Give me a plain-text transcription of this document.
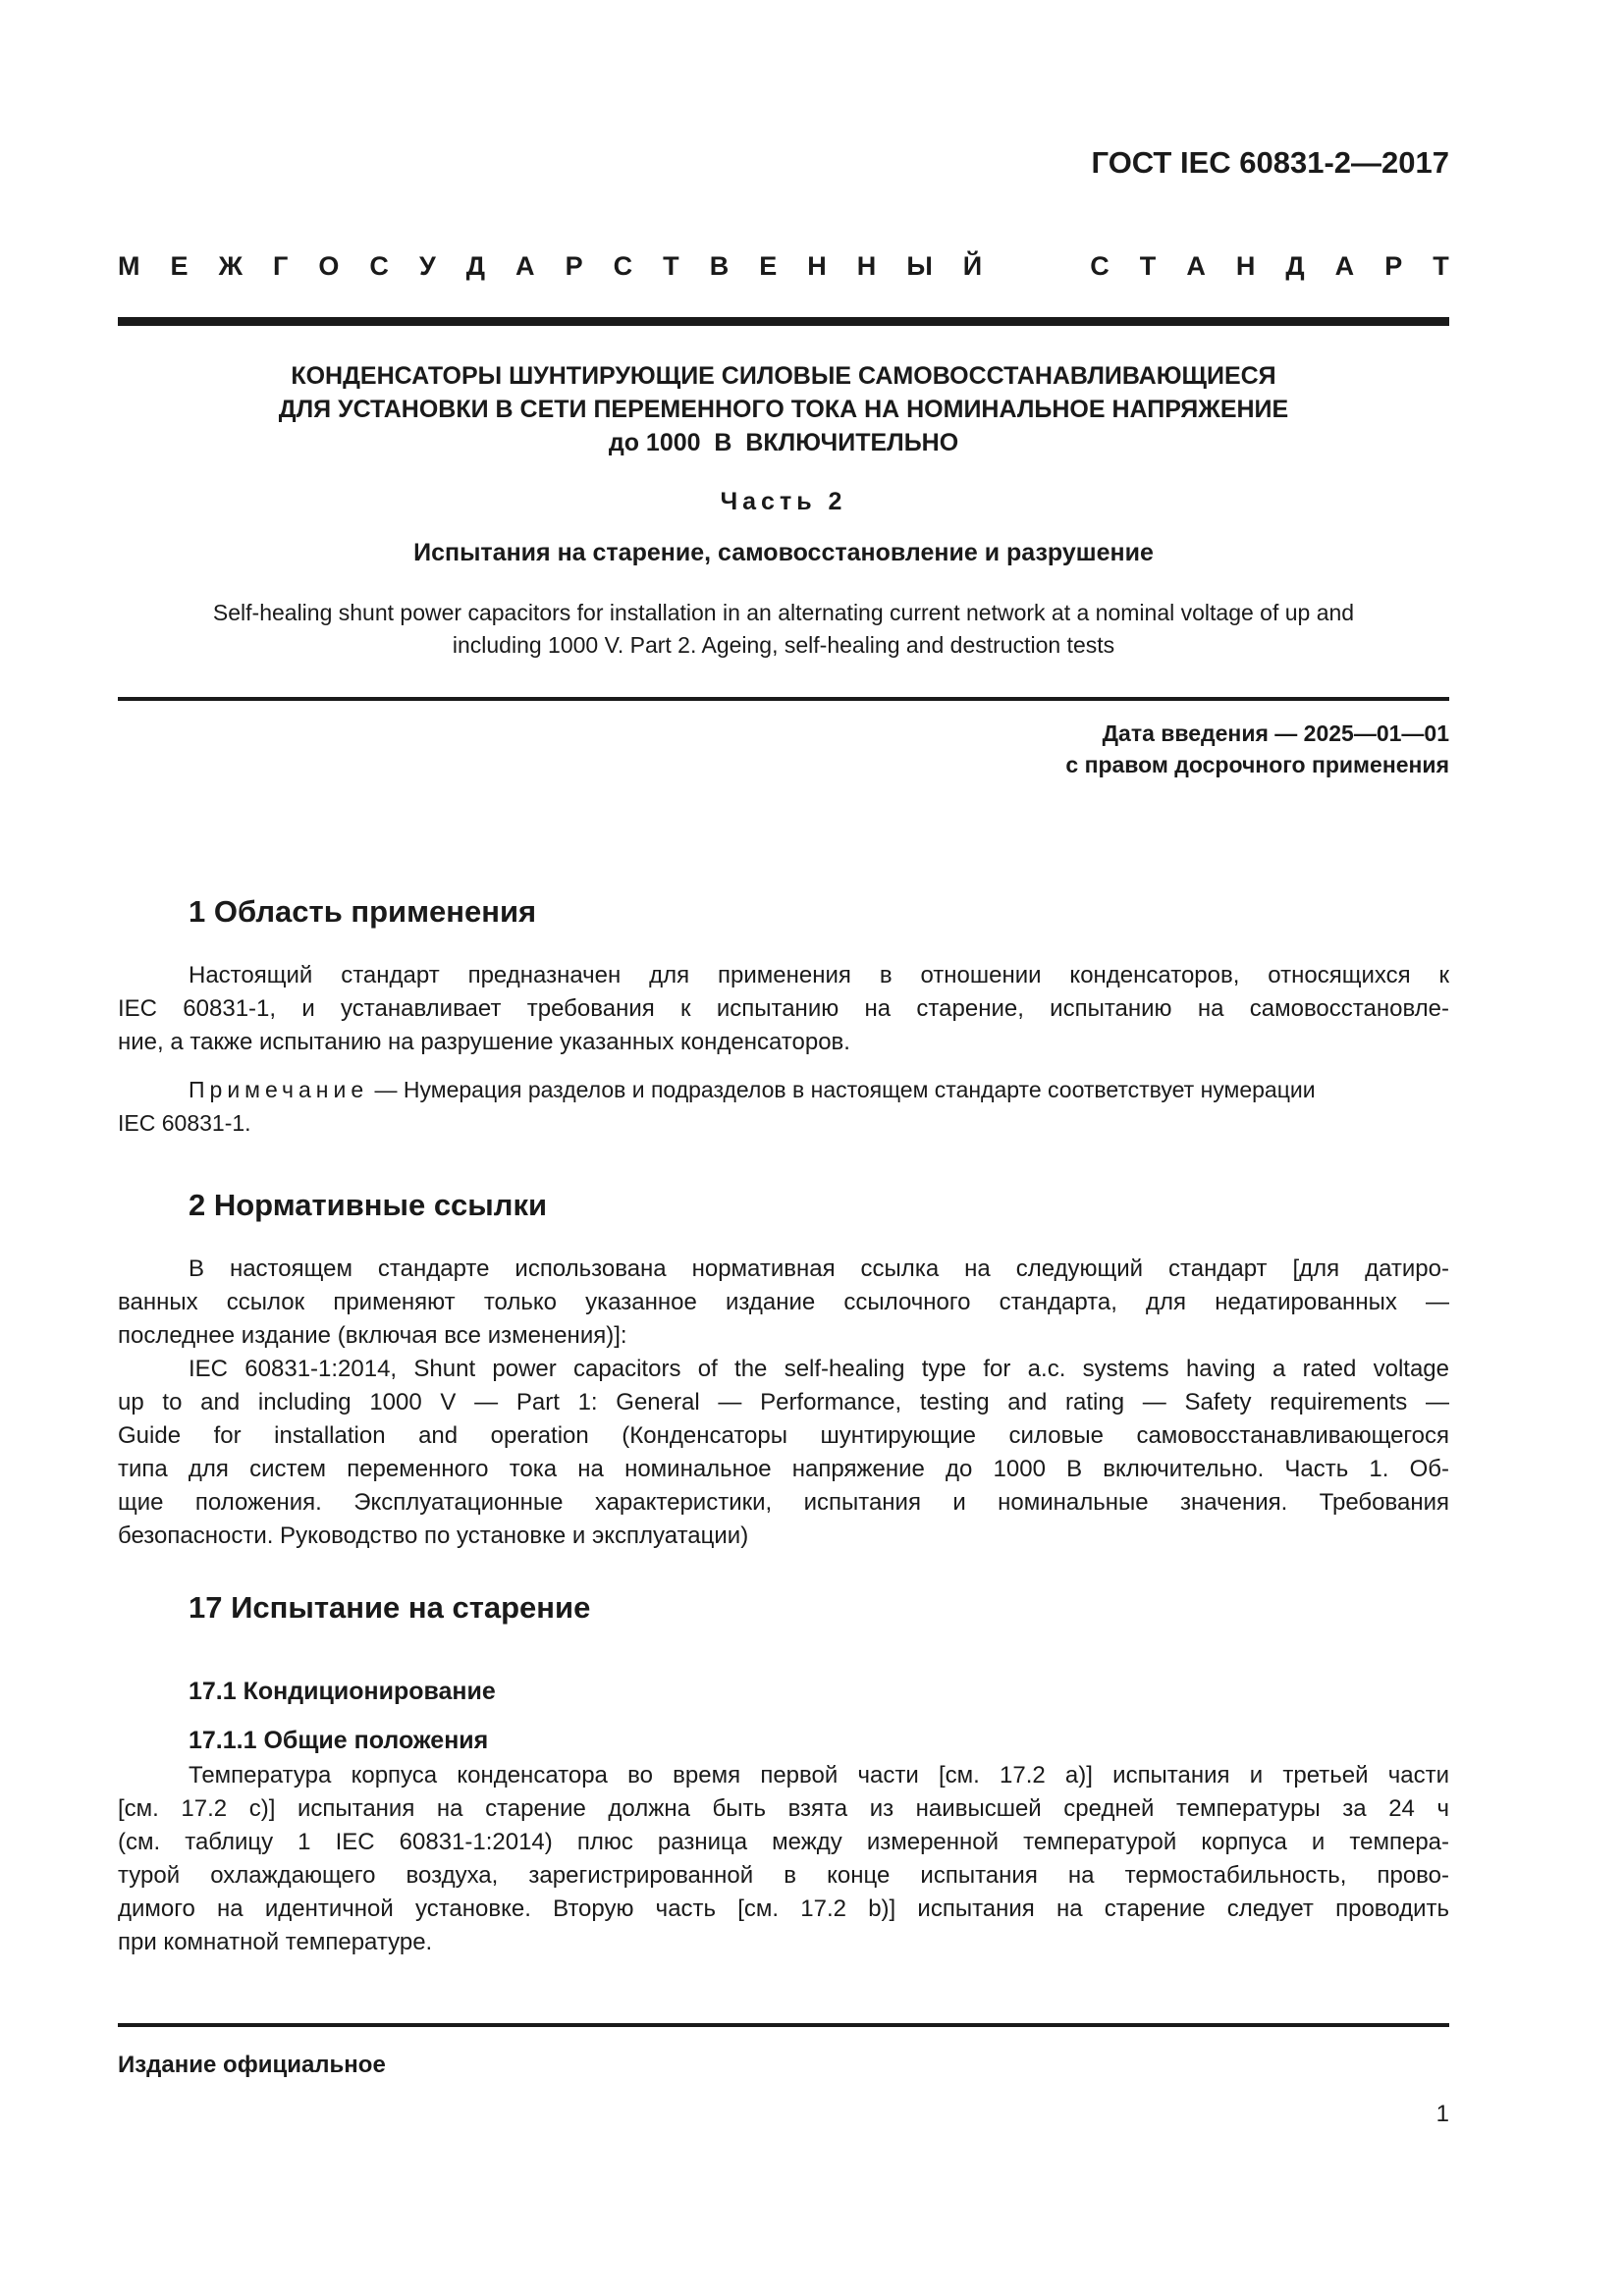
ГОСТ IEC 60831-2—2017
М Е Ж Г О С У Д А Р С Т В Е Н Н Ы Й	С Т А Н Д А Р Т
КОНДЕНСАТОРЫ ШУНТИРУЮЩИЕ СИЛОВЫЕ САМОВОССТАНАВЛИВАЮЩИЕСЯ
ДЛЯ УСТАНОВКИ В СЕТИ ПЕРЕМЕННОГО ТОКА НА НОМИНАЛЬНОЕ НАПРЯЖЕНИЕ
до 1000  В  ВКЛЮЧИТЕЛЬНО
Часть 2
Испытания на старение, самовосстановление и разрушение
Self-healing shunt power capacitors for installation in an alternating current network at a nominal voltage of up and
including 1000 V. Part 2. Ageing, self-healing and destruction tests
Дата введения — 2025—01—01
с правом досрочного применения
1 Область применения
Настоящий стандарт предназначен для применения в отношении конденсаторов, относящихся к
IEC 60831-1, и устанавливает требования к испытанию на старение, испытанию на самовосстановле-
ние, а также испытанию на разрушение указанных конденсаторов.
Примечание — Нумерация разделов и подразделов в настоящем стандарте соответствует нумерации
IEC 60831-1.
2 Нормативные ссылки
В настоящем стандарте использована нормативная ссылка на следующий стандарт [для датиро-
ванных ссылок применяют только указанное издание ссылочного стандарта, для недатированных —
последнее издание (включая все изменения)]:
IEC 60831-1:2014, Shunt power capacitors of the self-healing type for a.c. systems having a rated voltage
up to and including 1000 V — Part 1: General — Performance, testing and rating — Safety requirements —
Guide for installation and operation (Конденсаторы шунтирующие силовые самовосстанавливающегося
типа для систем переменного тока на номинальное напряжение до 1000 В включительно. Часть 1. Об-
щие положения. Эксплуатационные характеристики, испытания и номинальные значения. Требования
безопасности. Руководство по установке и эксплуатации)
17 Испытание на старение
17.1 Кондиционирование
17.1.1 Общие положения
Температура корпуса конденсатора во время первой части [см. 17.2 а)] испытания и третьей части
[см. 17.2 c)] испытания на старение должна быть взята из наивысшей средней температуры за 24 ч
(см. таблицу 1 IEC 60831-1:2014) плюс разница между измеренной температурой корпуса и темпера-
турой охлаждающего воздуха, зарегистрированной в конце испытания на термостабильность, прово-
димого на идентичной установке. Вторую часть [см. 17.2 b)] испытания на старение следует проводить
при комнатной температуре.
Издание официальное
1
